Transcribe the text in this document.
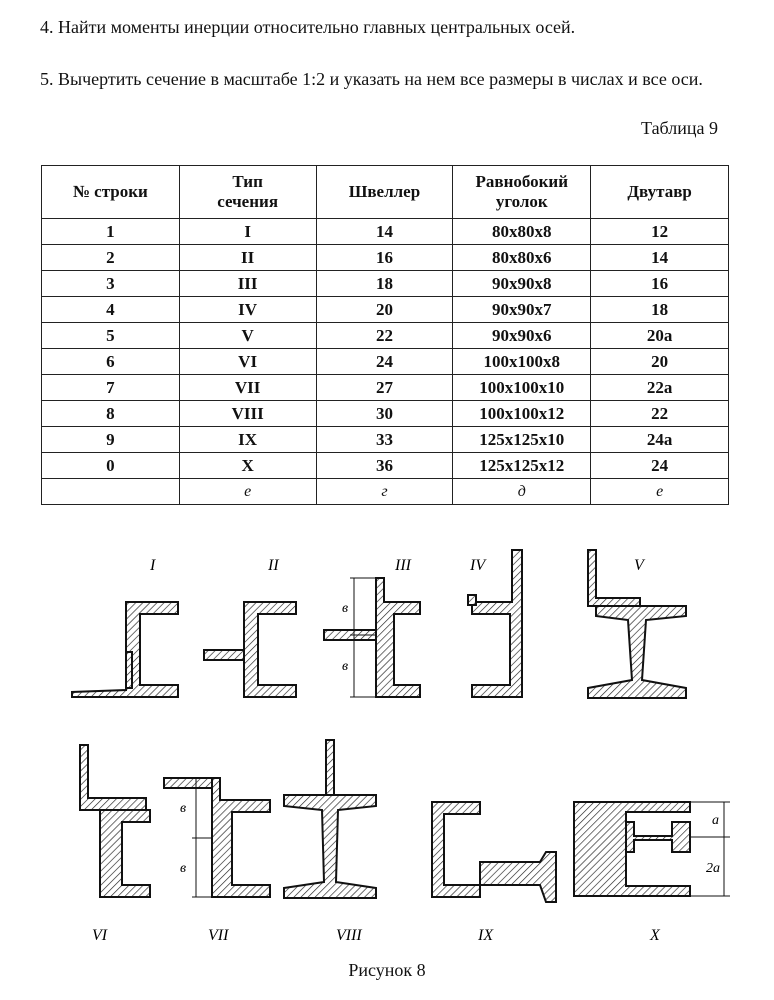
4. Найти моменты инерции относительно главных центральных осей.
5. Вычертить сечение в масштабе 1:2 и указать на нем все размеры в числах и все оси.
Таблица 9
№ строки	Тип сечения	Швеллер	Равнобокий уголок	Двутавр
1	I	14	80x80x8	12
2	II	16	80x80x6	14
3	III	18	90x90x8	16
4	IV	20	90x90x7	18
5	V	22	90x90x6	20a
6	VI	24	100x100x8	20
7	VII	27	100x100x10	22a
8	VIII	30	100x100x12	22
9	IX	33	125x125x10	24a
0	X	36	125x125x12	24
	е	г	д	е
I	II	III	IV	V
VI	VII	VIII	IX	X
в
в
в
в
a
2a
Рисунок 8
